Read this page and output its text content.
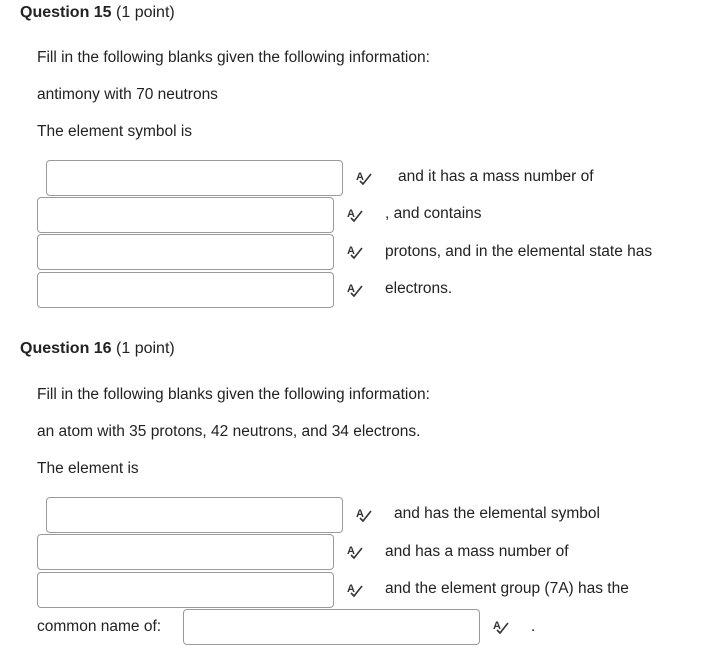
Question 15 (1 point)
Fill in the following blanks given the following information:
antimony with 70 neutrons
The element symbol is
A and it has a mass number of
A , and contains
A protons, and in the elemental state has
A electrons.
Question 16 (1 point)
Fill in the following blanks given the following information:
an atom with 35 protons, 42 neutrons, and 34 electrons.
The element is
A and has the elemental symbol
A and has a mass number of
A and the element group (7A) has the
common name of:	A .
